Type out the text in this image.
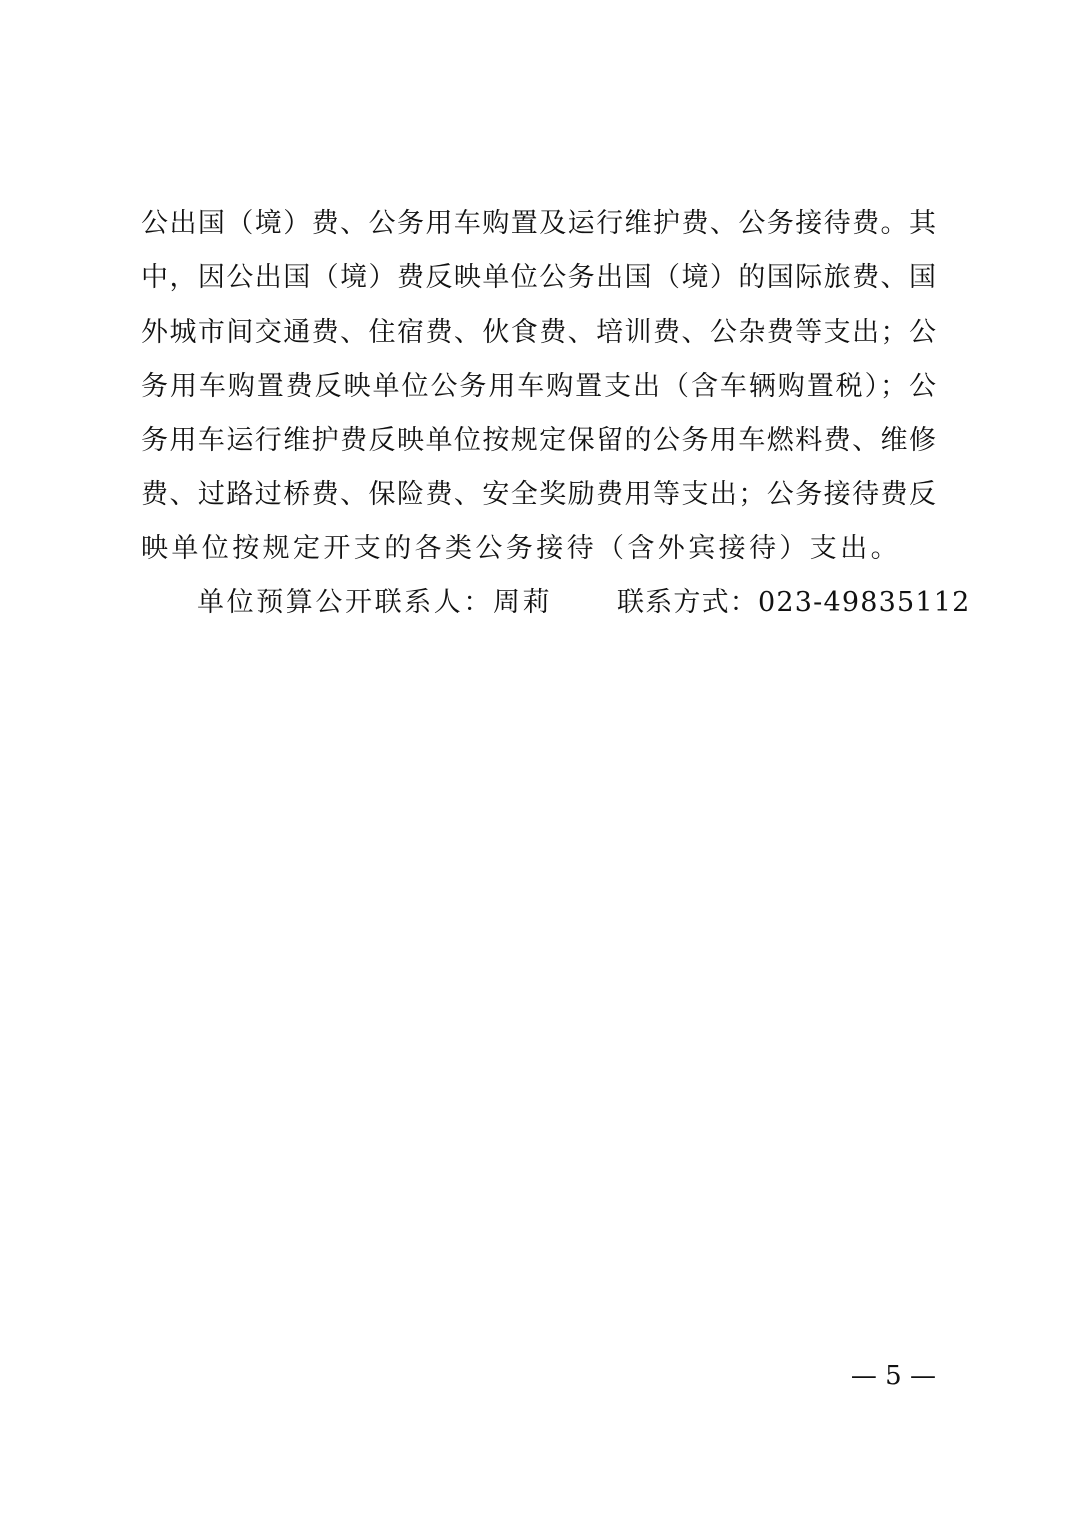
公出国（境）费、公务用车购置及运行维护费、公务接待费。其
中，因公出国（境）费反映单位公务出国（境）的国际旅费、国
外城市间交通费、住宿费、伙食费、培训费、公杂费等支出；公
务用车购置费反映单位公务用车购置支出（含车辆购置税）；公
务用车运行维护费反映单位按规定保留的公务用车燃料费、维修
费、过路过桥费、保险费、安全奖励费用等支出；公务接待费反
映单位按规定开支的各类公务接待（含外宾接待）支出。
单位预算公开联系人：周莉 联系方式：023-49835112
— 5 —
